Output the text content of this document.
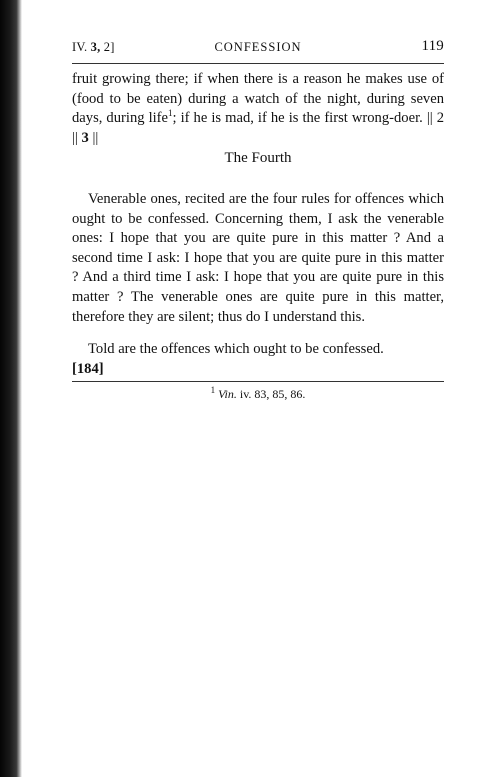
IV. 3, 2]	CONFESSION	119

fruit growing there; if when there is a reason he makes use of (food to be eaten) during a watch of the night, during seven days, during life$^1$; if he is mad, if he is the first wrong-doer. || 2 || 3 ||

The Fourth

Venerable ones, recited are the four rules for offences which ought to be confessed. Concerning them, I ask the venerable ones: I hope that you are quite pure in this matter ? And a second time I ask: I hope that you are quite pure in this matter ? And a third time I ask: I hope that you are quite pure in this matter ? The venerable ones are quite pure in this matter, therefore they are silent; thus do I understand this.

Told are the offences which ought to be confessed.
[184]

$^1$ Vin. iv. 83, 85, 86.
